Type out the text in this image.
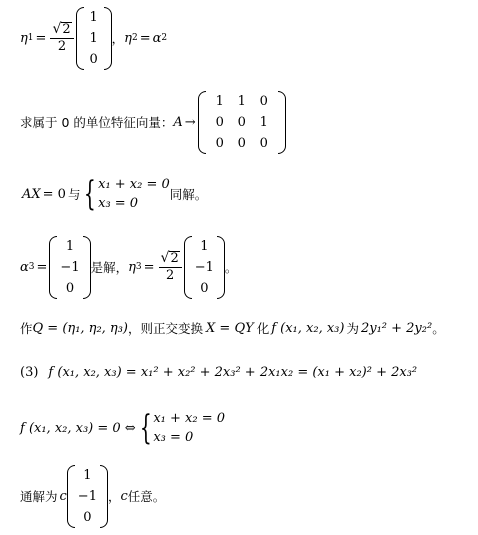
η $1 = \frac{√ 2}{2}$
1
1
0
， η 2 = α 2
求属于 0 的单位特征向量： A →
1	1	0
0	0	1
0	0	0
AX = 0 与 { x₁ + x₂ = 0
x₃ = 0
同解。
α 3 =
1
−1
0
是解， η $3 = \frac{√ 2}{2}$
1
−1
0
。
作 Q = (η₁, η₂, η₃) ，则正交变换 X = QY 化 f (x₁, x₂, x₃) 为 2y₁² + 2y₂² 。
(3) f (x₁, x₂, x₃) = x₁² + x₂² + 2x₃² + 2x₁x₂ = (x₁ + x₂)² + 2x₃²
f (x₁, x₂, x₃) = 0 ⇔ { x₁ + x₂ = 0
x₃ = 0
通解为 c
1
−1
0
， c 任意。
